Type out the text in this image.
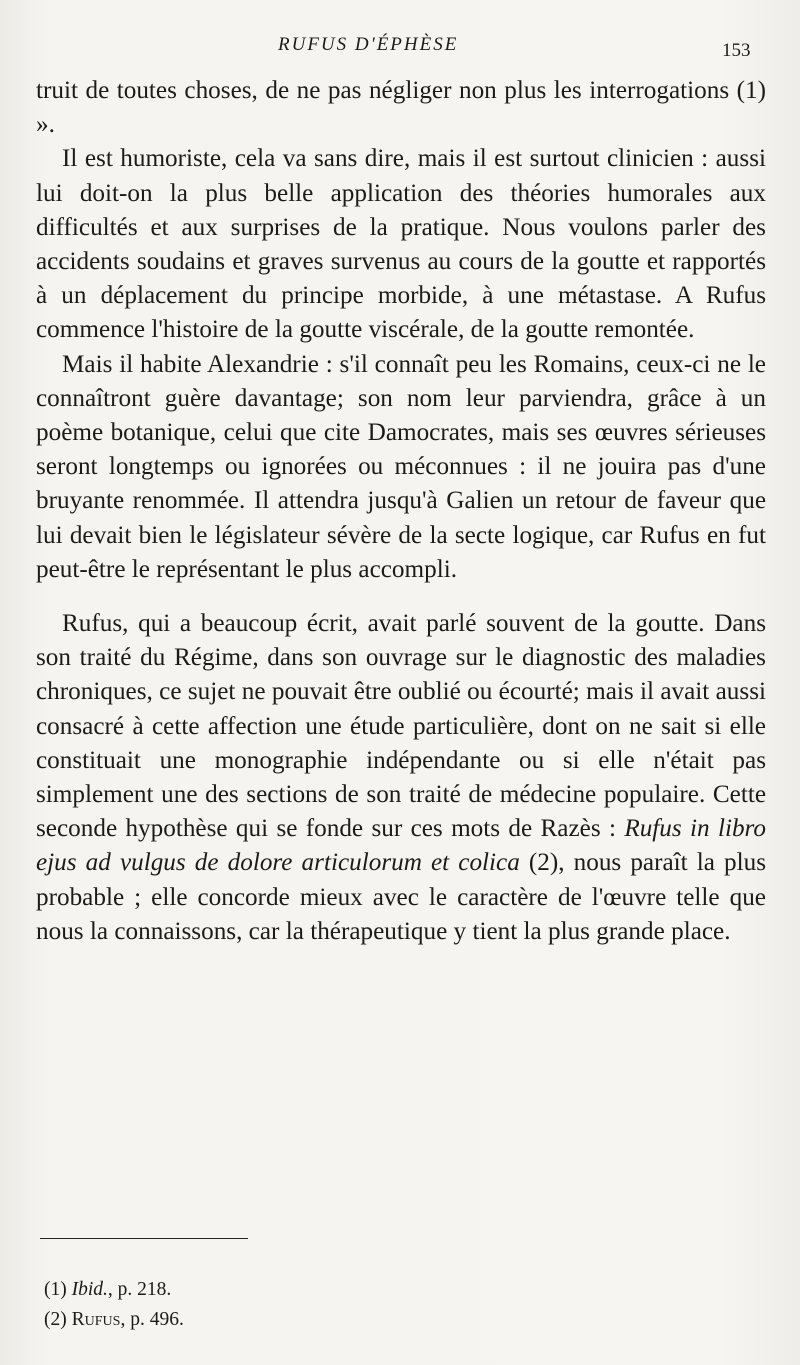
RUFUS D'ÉPHÈSE	153

truit de toutes choses, de ne pas négliger non plus les interrogations (1) ».

Il est humoriste, cela va sans dire, mais il est surtout clinicien : aussi lui doit-on la plus belle application des théories humorales aux difficultés et aux surprises de la pratique. Nous voulons parler des accidents soudains et graves survenus au cours de la goutte et rapportés à un déplacement du principe morbide, à une métastase. A Rufus commence l'histoire de la goutte viscérale, de la goutte remontée.

Mais il habite Alexandrie : s'il connaît peu les Romains, ceux-ci ne le connaîtront guère davantage; son nom leur parviendra, grâce à un poème botanique, celui que cite Damocrates, mais ses œuvres sérieuses seront longtemps ou ignorées ou méconnues : il ne jouira pas d'une bruyante renommée. Il attendra jusqu'à Galien un retour de faveur que lui devait bien le législateur sévère de la secte logique, car Rufus en fut peut-être le représentant le plus accompli.

Rufus, qui a beaucoup écrit, avait parlé souvent de la goutte. Dans son traité du Régime, dans son ouvrage sur le diagnostic des maladies chroniques, ce sujet ne pouvait être oublié ou écourté; mais il avait aussi consacré à cette affection une étude particulière, dont on ne sait si elle constituait une monographie indépendante ou si elle n'était pas simplement une des sections de son traité de médecine populaire. Cette seconde hypothèse qui se fonde sur ces mots de Razès : Rufus in libro ejus ad vulgus de dolore articulorum et colica (2), nous paraît la plus probable ; elle concorde mieux avec le caractère de l'œuvre telle que nous la connaissons, car la thérapeutique y tient la plus grande place.

(1) Ibid., p. 218.

(2) Rufus, p. 496.
